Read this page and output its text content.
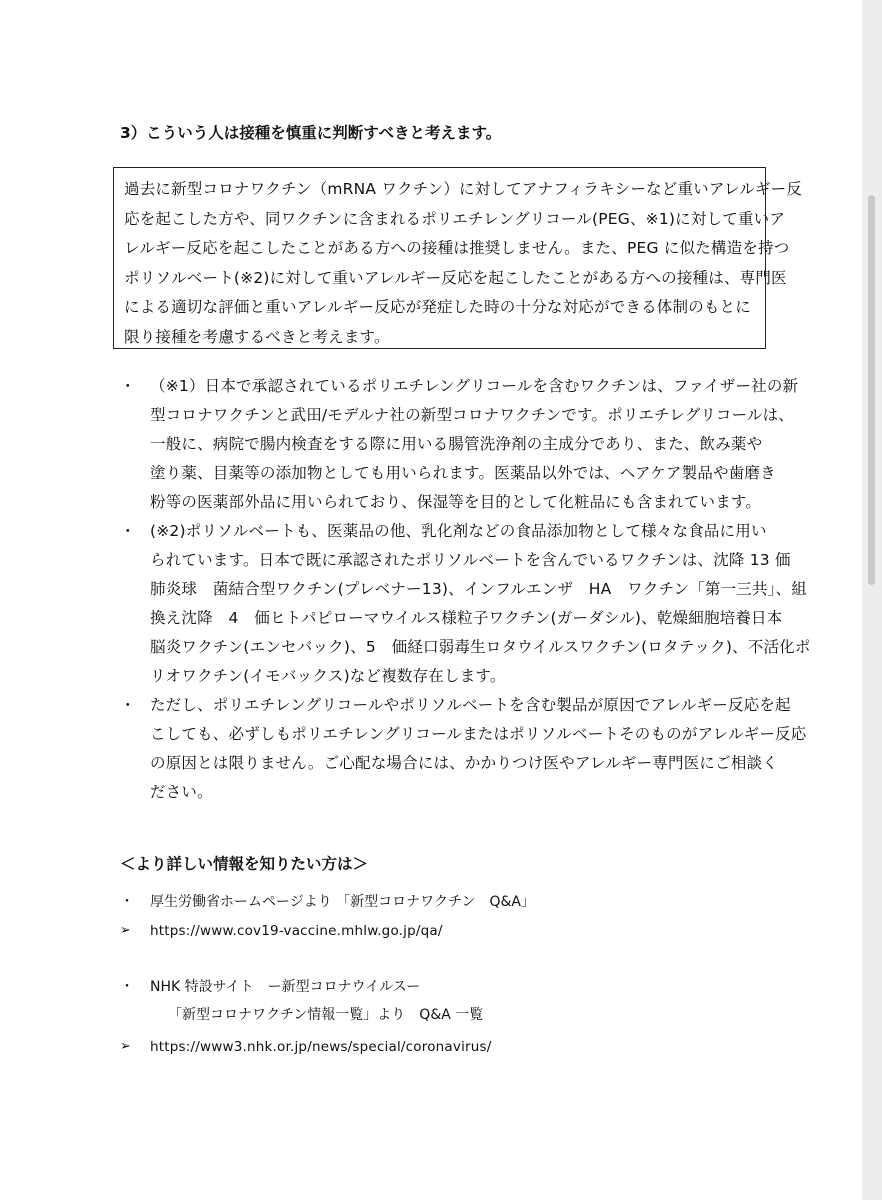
3）こういう人は接種を慎重に判断すべきと考えます。
過去に新型コロナワクチン（mRNA ワクチン）に対してアナフィラキシーなど重いアレルギー反
応を起こした方や、同ワクチンに含まれるポリエチレングリコール(PEG、※1)に対して重いア
レルギー反応を起こしたことがある方への接種は推奨しません。また、PEG に似た構造を持つ
ポリソルベート(※2)に対して重いアレルギー反応を起こしたことがある方への接種は、専門医
による適切な評価と重いアレルギー反応が発症した時の十分な対応ができる体制のもとに
限り接種を考慮するべきと考えます。
・ （※1）日本で承認されているポリエチレングリコールを含むワクチンは、ファイザー社の新
型コロナワクチンと武田/モデルナ社の新型コロナワクチンです。ポリエチレグリコールは、
一般に、病院で腸内検査をする際に用いる腸管洗浄剤の主成分であり、また、飲み薬や
塗り薬、目薬等の添加物としても用いられます。医薬品以外では、ヘアケア製品や歯磨き
粉等の医薬部外品に用いられており、保湿等を目的として化粧品にも含まれています。
・ (※2)ポリソルベートも、医薬品の他、乳化剤などの食品添加物として様々な食品に用い
られています。日本で既に承認されたポリソルベートを含んでいるワクチンは、沈降 13 価
肺炎球　菌結合型ワクチン(プレベナー13)、インフルエンザ　HA　ワクチン「第一三共」、組
換え沈降　4　価ヒトパピローマウイルス様粒子ワクチン(ガーダシル)、乾燥細胞培養日本
脳炎ワクチン(エンセバック)、5　価経口弱毒生ロタウイルスワクチン(ロタテック)、不活化ポ
リオワクチン(イモバックス)など複数存在します。
・ ただし、ポリエチレングリコールやポリソルベートを含む製品が原因でアレルギー反応を起
こしても、必ずしもポリエチレングリコールまたはポリソルベートそのものがアレルギー反応
の原因とは限りません。ご心配な場合には、かかりつけ医やアレルギー専門医にご相談く
ださい。
＜より詳しい情報を知りたい方は＞
・	厚生労働省ホームページより 「新型コロナワクチン　Q&A」
➢	https://www.cov19-vaccine.mhlw.go.jp/qa/
・	NHK 特設サイト　ー新型コロナウイルスー
「新型コロナワクチン情報一覧」より　Q&A 一覧
➢	https://www3.nhk.or.jp/news/special/coronavirus/
